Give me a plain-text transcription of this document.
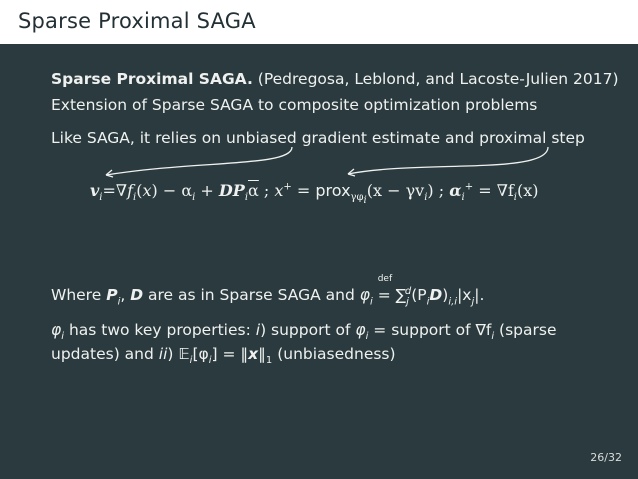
Sparse Proximal SAGA
Sparse Proximal SAGA. (Pedregosa, Leblond, and Lacoste-Julien 2017)
Extension of Sparse SAGA to composite optimization problems
Like SAGA, it relies on unbiased gradient estimate and proximal step
$v_i=\nabla f_i(x) - \alpha_i + DP_i\overline{\alpha}$ ; x+ = prox$_{\gamma\varphi_i}$(x − $\gamma v_i$) ; $\alpha_i^+ = \nabla f_i(x)$
Where $P_i$, D are as in Sparse SAGA and $\varphi_i$ =
def
$\sum_j^d(P_iD)_{i,i}|x_j|$.
$\varphi_i$ has two key properties: i) support of $\varphi_i$ = support of $\nabla f_i$ (sparse
updates) and ii) $𝔼_i[\varphi_i]$ = $‖x‖_1$ (unbiasedness)
26/32
